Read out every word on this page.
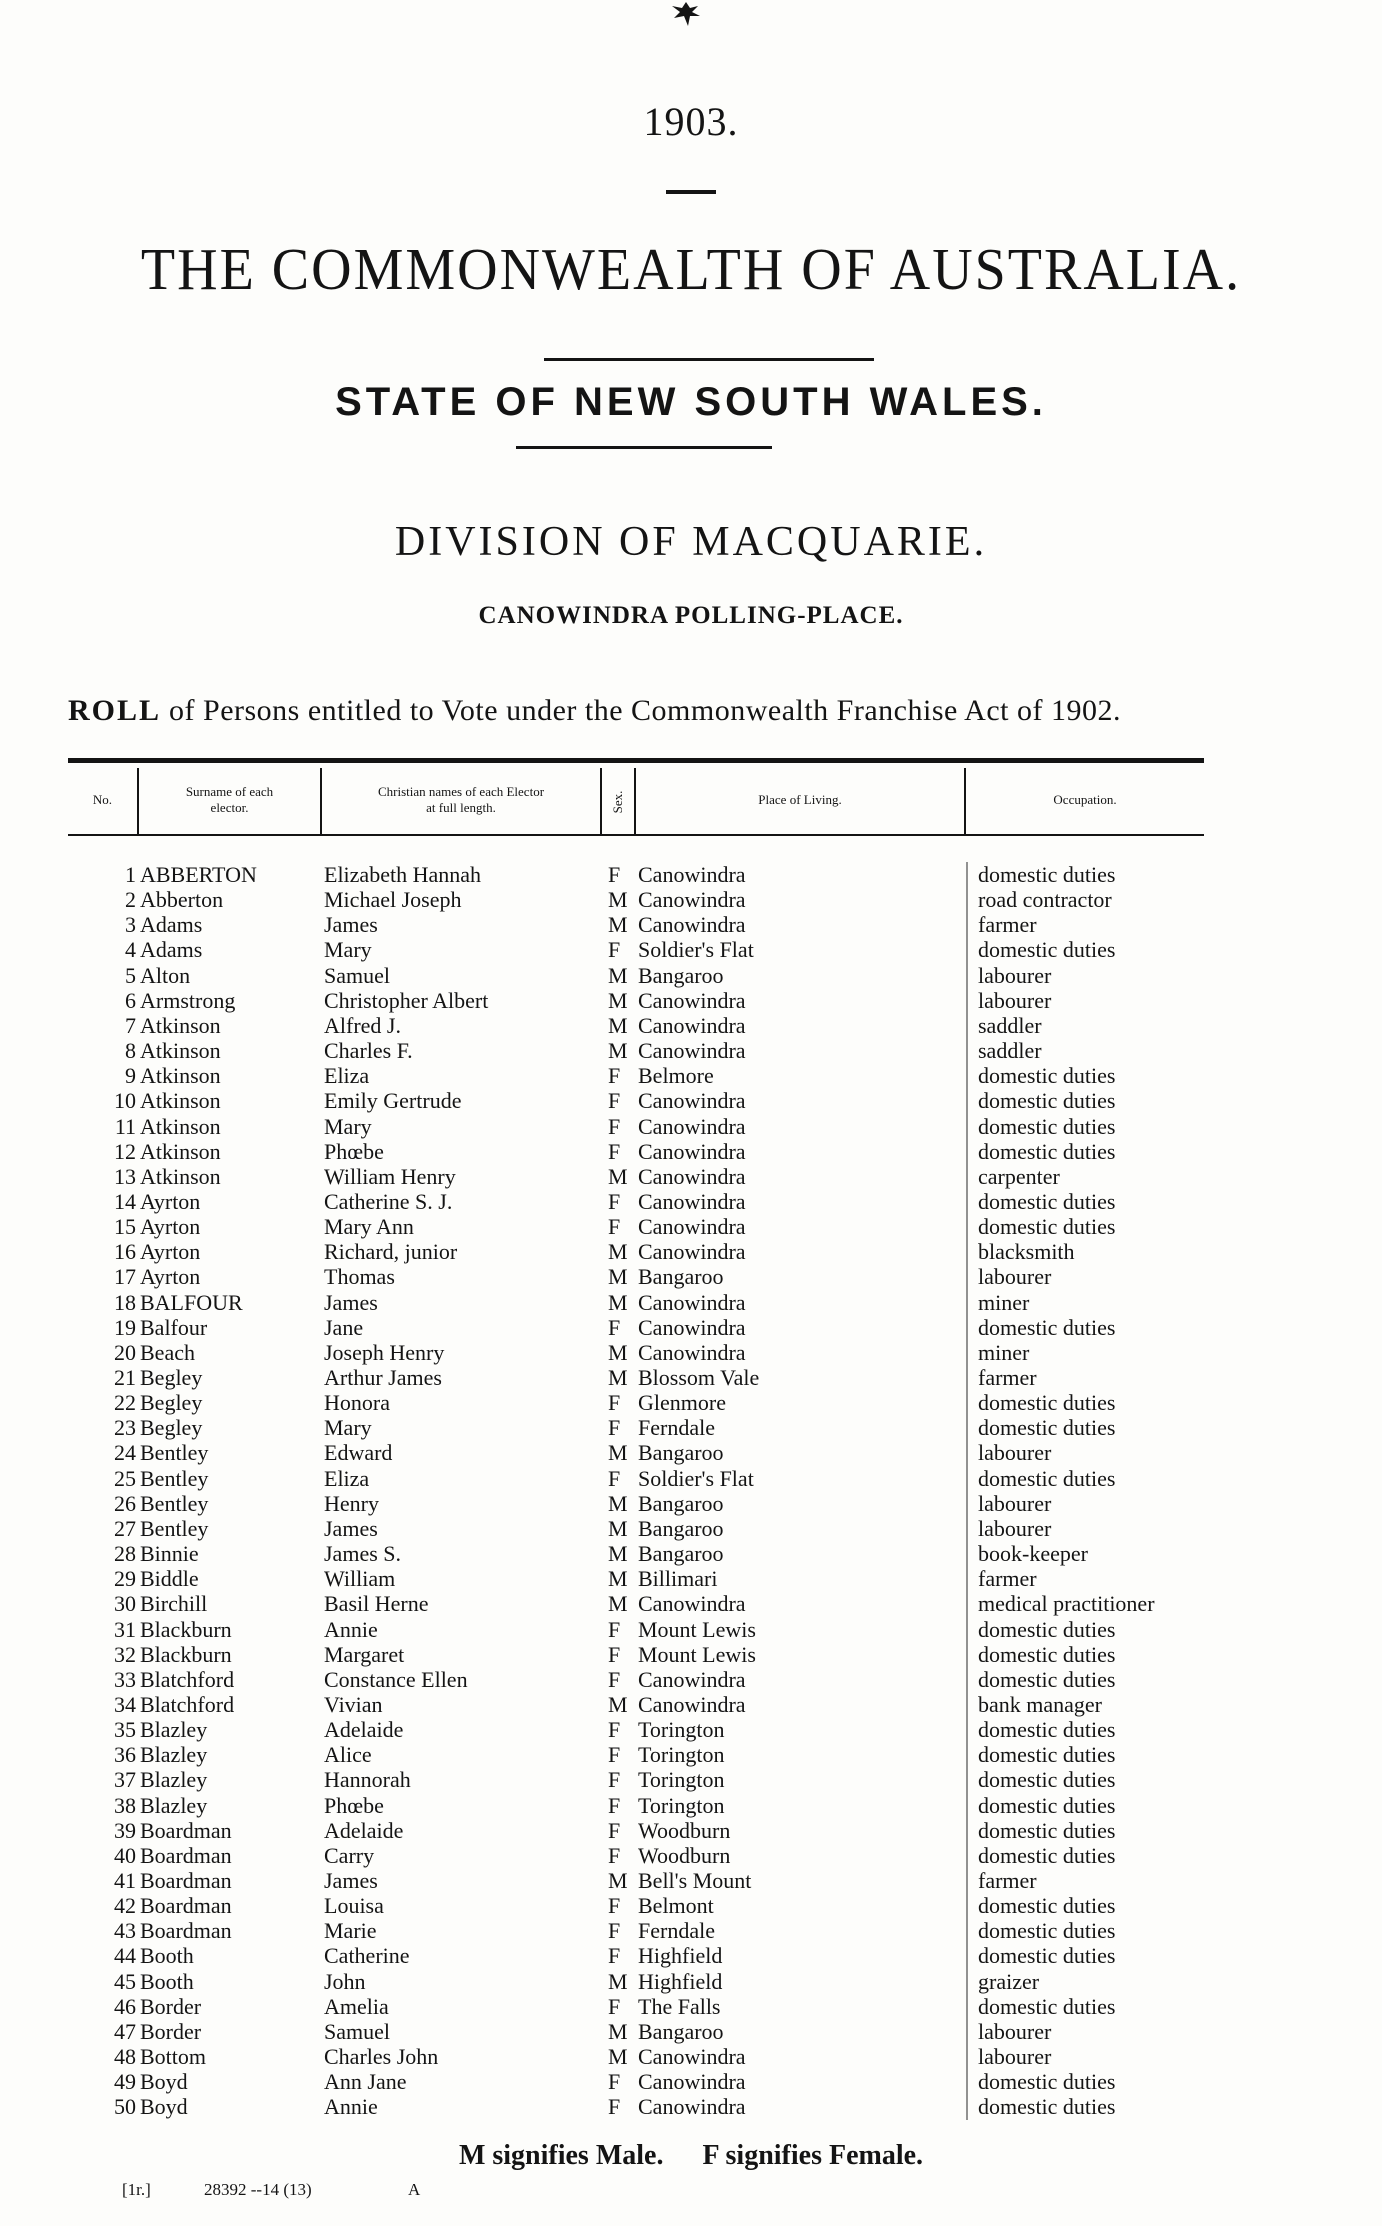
1903.
THE COMMONWEALTH OF AUSTRALIA.
STATE OF NEW SOUTH WALES.
DIVISION OF MACQUARIE.
CANOWINDRA POLLING-PLACE.
ROLL of Persons entitled to Vote under the Commonwealth Franchise Act of 1902.
No.
Surname of each
elector.
Christian names of each Elector
at full length.	Sex.	Place of Living.	Occupation.
1 ABBERTON	Elizabeth Hannah	F Canowindra	domestic duties
2 Abberton	Michael Joseph	M Canowindra	road contractor
3 Adams	James	M Canowindra	farmer
4 Adams	Mary	F Soldier's Flat	domestic duties
5 Alton	Samuel	M Bangaroo	labourer
6 Armstrong	Christopher Albert	M Canowindra	labourer
7 Atkinson	Alfred J.	M Canowindra	saddler
8 Atkinson	Charles F.	M Canowindra	saddler
9 Atkinson	Eliza	F Belmore	domestic duties
10 Atkinson	Emily Gertrude	F Canowindra	domestic duties
11 Atkinson	Mary	F Canowindra	domestic duties
12 Atkinson	Phœbe	F Canowindra	domestic duties
13 Atkinson	William Henry	M Canowindra	carpenter
14 Ayrton	Catherine S. J.	F Canowindra	domestic duties
15 Ayrton	Mary Ann	F Canowindra	domestic duties
16 Ayrton	Richard, junior	M Canowindra	blacksmith
17 Ayrton	Thomas	M Bangaroo	labourer
18 BALFOUR	James	M Canowindra	miner
19 Balfour	Jane	F Canowindra	domestic duties
20 Beach	Joseph Henry	M Canowindra	miner
21 Begley	Arthur James	M Blossom Vale	farmer
22 Begley	Honora	F Glenmore	domestic duties
23 Begley	Mary	F Ferndale	domestic duties
24 Bentley	Edward	M Bangaroo	labourer
25 Bentley	Eliza	F Soldier's Flat	domestic duties
26 Bentley	Henry	M Bangaroo	labourer
27 Bentley	James	M Bangaroo	labourer
28 Binnie	James S.	M Bangaroo	book-keeper
29 Biddle	William	M Billimari	farmer
30 Birchill	Basil Herne	M Canowindra	medical practitioner
31 Blackburn	Annie	F Mount Lewis	domestic duties
32 Blackburn	Margaret	F Mount Lewis	domestic duties
33 Blatchford	Constance Ellen	F Canowindra	domestic duties
34 Blatchford	Vivian	M Canowindra	bank manager
35 Blazley	Adelaide	F Torington	domestic duties
36 Blazley	Alice	F Torington	domestic duties
37 Blazley	Hannorah	F Torington	domestic duties
38 Blazley	Phœbe	F Torington	domestic duties
39 Boardman	Adelaide	F Woodburn	domestic duties
40 Boardman	Carry	F Woodburn	domestic duties
41 Boardman	James	M Bell's Mount	farmer
42 Boardman	Louisa	F Belmont	domestic duties
43 Boardman	Marie	F Ferndale	domestic duties
44 Booth	Catherine	F Highfield	domestic duties
45 Booth	John	M Highfield	graizer
46 Border	Amelia	F The Falls	domestic duties
47 Border	Samuel	M Bangaroo	labourer
48 Bottom	Charles John	M Canowindra	labourer
49 Boyd	Ann Jane	F Canowindra	domestic duties
50 Boyd	Annie	F Canowindra	domestic duties
M signifies Male. F signifies Female.
[1r.]	28392 --14 (13)	A
